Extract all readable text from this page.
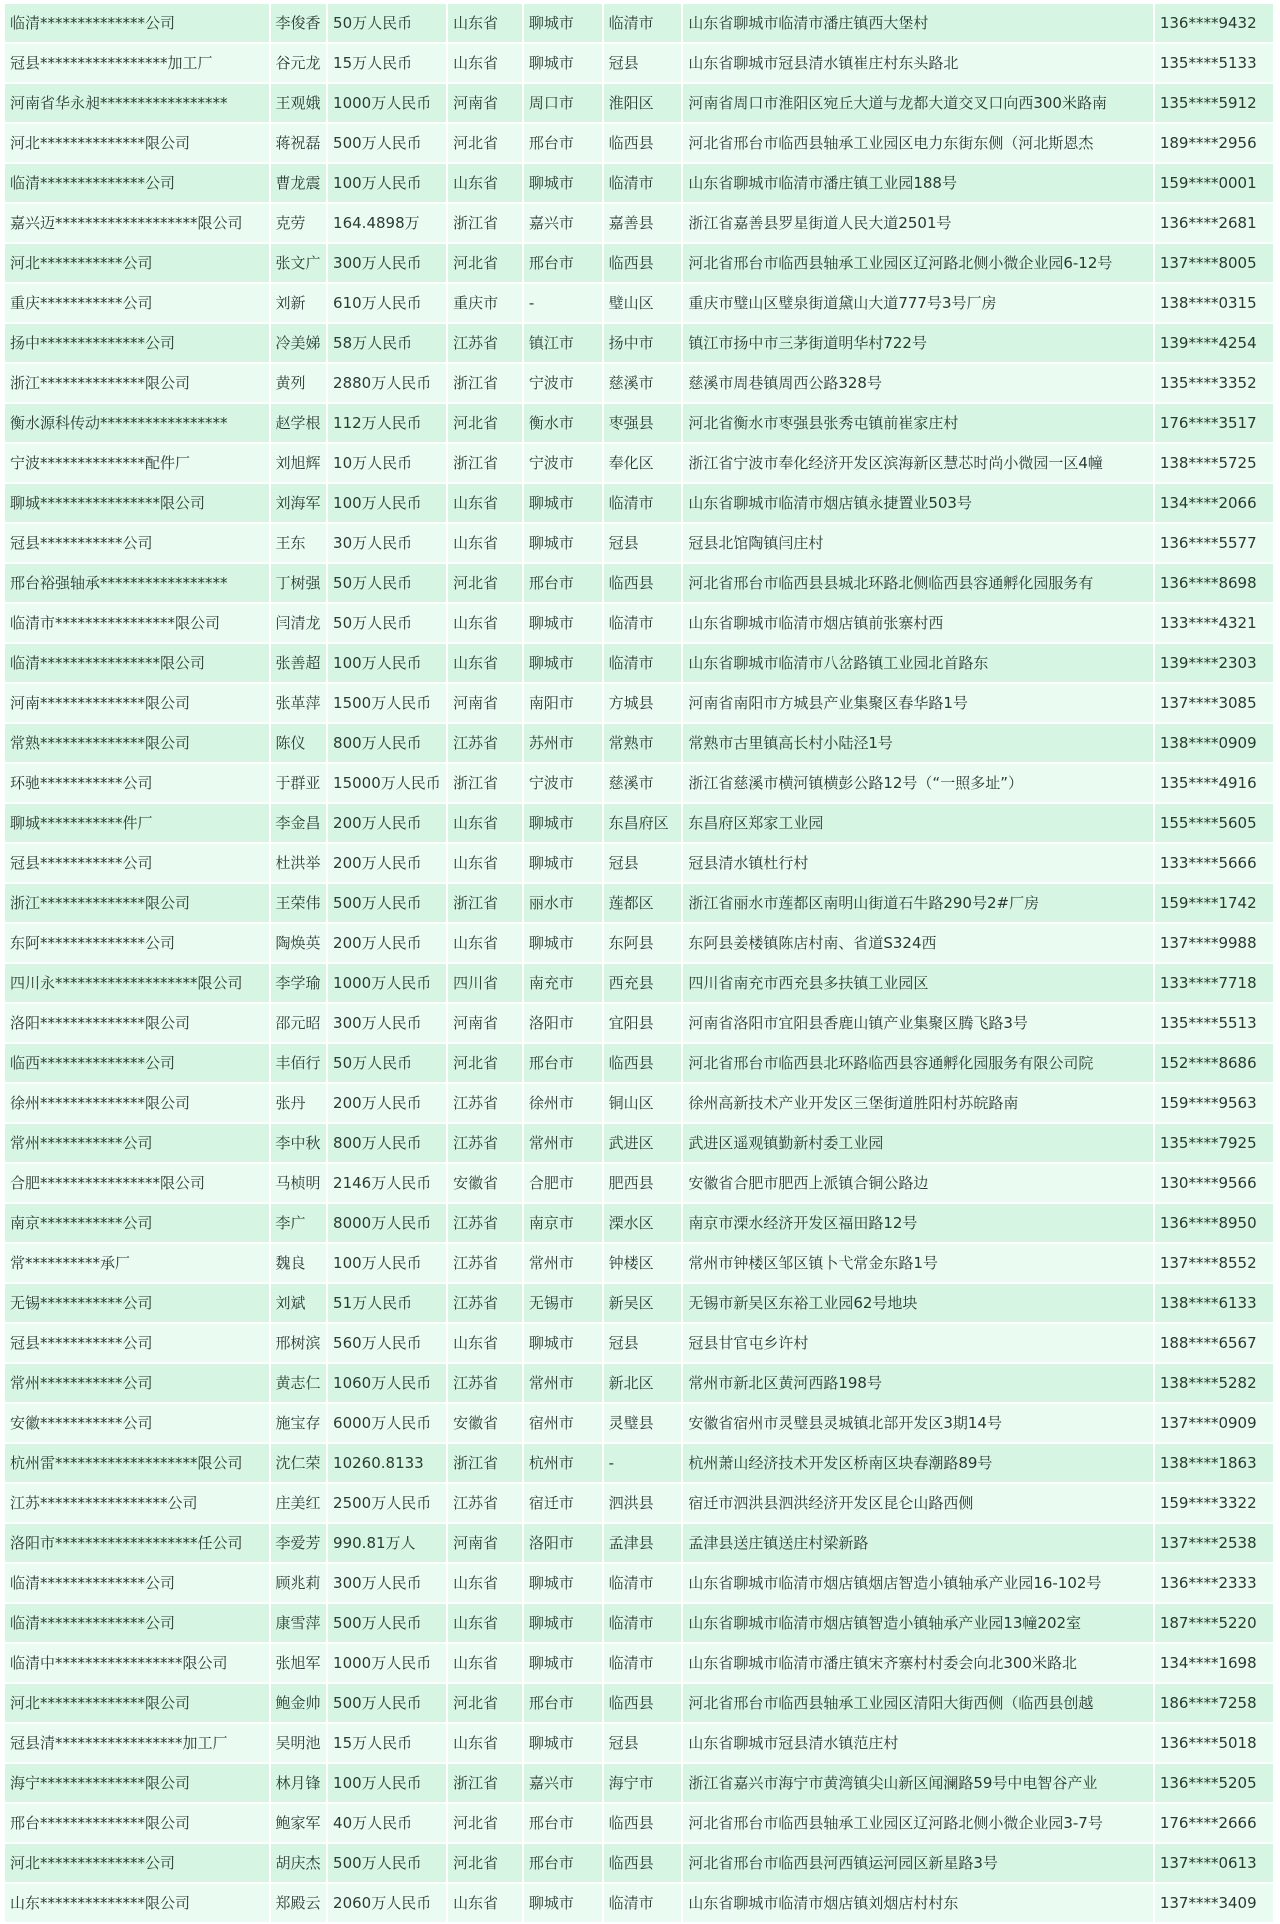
临清**************公司	李俊香	50万人民币	山东省	聊城市	临清市	山东省聊城市临清市潘庄镇西大堡村	136****9432
冠县*****************加工厂	谷元龙	15万人民币	山东省	聊城市	冠县	山东省聊城市冠县清水镇崔庄村东头路北	135****5133
河南省华永昶*****************	王观娥	1000万人民币	河南省	周口市	淮阳区	河南省周口市淮阳区宛丘大道与龙都大道交叉口向西300米路南	135****5912
河北**************限公司	蒋祝磊	500万人民币	河北省	邢台市	临西县	河北省邢台市临西县轴承工业园区电力东街东侧（河北斯恩杰	189****2956
临清**************公司	曹龙震	100万人民币	山东省	聊城市	临清市	山东省聊城市临清市潘庄镇工业园188号	159****0001
嘉兴迈*******************限公司	克劳	164.4898万	浙江省	嘉兴市	嘉善县	浙江省嘉善县罗星街道人民大道2501号	136****2681
河北***********公司	张文广	300万人民币	河北省	邢台市	临西县	河北省邢台市临西县轴承工业园区辽河路北侧小微企业园6-12号	137****8005
重庆***********公司	刘新	610万人民币	重庆市	-	璧山区	重庆市璧山区璧泉街道黛山大道777号3号厂房	138****0315
扬中**************公司	冷美娣	58万人民币	江苏省	镇江市	扬中市	镇江市扬中市三茅街道明华村722号	139****4254
浙江**************限公司	黄列	2880万人民币	浙江省	宁波市	慈溪市	慈溪市周巷镇周西公路328号	135****3352
衡水源科传动*****************	赵学根	112万人民币	河北省	衡水市	枣强县	河北省衡水市枣强县张秀屯镇前崔家庄村	176****3517
宁波**************配件厂	刘旭辉	10万人民币	浙江省	宁波市	奉化区	浙江省宁波市奉化经济开发区滨海新区慧芯时尚小微园一区4幢	138****5725
聊城****************限公司	刘海军	100万人民币	山东省	聊城市	临清市	山东省聊城市临清市烟店镇永捷置业503号	134****2066
冠县***********公司	王东	30万人民币	山东省	聊城市	冠县	冠县北馆陶镇闫庄村	136****5577
邢台裕强轴承*****************	丁树强	50万人民币	河北省	邢台市	临西县	河北省邢台市临西县县城北环路北侧临西县容通孵化园服务有	136****8698
临清市****************限公司	闫清龙	50万人民币	山东省	聊城市	临清市	山东省聊城市临清市烟店镇前张寨村西	133****4321
临清****************限公司	张善超	100万人民币	山东省	聊城市	临清市	山东省聊城市临清市八岔路镇工业园北首路东	139****2303
河南**************限公司	张革萍	1500万人民币	河南省	南阳市	方城县	河南省南阳市方城县产业集聚区春华路1号	137****3085
常熟**************限公司	陈仪	800万人民币	江苏省	苏州市	常熟市	常熟市古里镇高长村小陆泾1号	138****0909
环驰***********公司	于群亚	15000万人民币	浙江省	宁波市	慈溪市	浙江省慈溪市横河镇横彭公路12号（“一照多址”）	135****4916
聊城***********件厂	李金昌	200万人民币	山东省	聊城市	东昌府区	东昌府区郑家工业园	155****5605
冠县***********公司	杜洪举	200万人民币	山东省	聊城市	冠县	冠县清水镇杜行村	133****5666
浙江**************限公司	王荣伟	500万人民币	浙江省	丽水市	莲都区	浙江省丽水市莲都区南明山街道石牛路290号2#厂房	159****1742
东阿**************公司	陶焕英	200万人民币	山东省	聊城市	东阿县	东阿县姜楼镇陈店村南、省道S324西	137****9988
四川永*******************限公司	李学瑜	1000万人民币	四川省	南充市	西充县	四川省南充市西充县多扶镇工业园区	133****7718
洛阳**************限公司	邵元昭	300万人民币	河南省	洛阳市	宜阳县	河南省洛阳市宜阳县香鹿山镇产业集聚区腾飞路3号	135****5513
临西**************公司	丰佰行	50万人民币	河北省	邢台市	临西县	河北省邢台市临西县北环路临西县容通孵化园服务有限公司院	152****8686
徐州**************限公司	张丹	200万人民币	江苏省	徐州市	铜山区	徐州高新技术产业开发区三堡街道胜阳村苏皖路南	159****9563
常州***********公司	李中秋	800万人民币	江苏省	常州市	武进区	武进区遥观镇勤新村委工业园	135****7925
合肥****************限公司	马桢明	2146万人民币	安徽省	合肥市	肥西县	安徽省合肥市肥西上派镇合铜公路边	130****9566
南京***********公司	李广	8000万人民币	江苏省	南京市	溧水区	南京市溧水经济开发区福田路12号	136****8950
常**********承厂	魏良	100万人民币	江苏省	常州市	钟楼区	常州市钟楼区邹区镇卜弋常金东路1号	137****8552
无锡***********公司	刘斌	51万人民币	江苏省	无锡市	新吴区	无锡市新吴区东裕工业园62号地块	138****6133
冠县***********公司	邢树滨	560万人民币	山东省	聊城市	冠县	冠县甘官屯乡许村	188****6567
常州***********公司	黄志仁	1060万人民币	江苏省	常州市	新北区	常州市新北区黄河西路198号	138****5282
安徽***********公司	施宝存	6000万人民币	安徽省	宿州市	灵璧县	安徽省宿州市灵璧县灵城镇北部开发区3期14号	137****0909
杭州雷*******************限公司	沈仁荣	10260.8133	浙江省	杭州市	-	杭州萧山经济技术开发区桥南区块春潮路89号	138****1863
江苏*****************公司	庄美红	2500万人民币	江苏省	宿迁市	泗洪县	宿迁市泗洪县泗洪经济开发区昆仑山路西侧	159****3322
洛阳市*******************任公司	李爱芳	990.81万人	河南省	洛阳市	孟津县	孟津县送庄镇送庄村梁新路	137****2538
临清**************公司	顾兆莉	300万人民币	山东省	聊城市	临清市	山东省聊城市临清市烟店镇烟店智造小镇轴承产业园16-102号	136****2333
临清**************公司	康雪萍	500万人民币	山东省	聊城市	临清市	山东省聊城市临清市烟店镇智造小镇轴承产业园13幢202室	187****5220
临清中*****************限公司	张旭军	1000万人民币	山东省	聊城市	临清市	山东省聊城市临清市潘庄镇宋齐寨村村委会向北300米路北	134****1698
河北**************限公司	鲍金帅	500万人民币	河北省	邢台市	临西县	河北省邢台市临西县轴承工业园区清阳大街西侧（临西县创越	186****7258
冠县清*****************加工厂	吴明池	15万人民币	山东省	聊城市	冠县	山东省聊城市冠县清水镇范庄村	136****5018
海宁**************限公司	林月锋	100万人民币	浙江省	嘉兴市	海宁市	浙江省嘉兴市海宁市黄湾镇尖山新区闻澜路59号中电智谷产业	136****5205
邢台**************限公司	鲍家军	40万人民币	河北省	邢台市	临西县	河北省邢台市临西县轴承工业园区辽河路北侧小微企业园3-7号	176****2666
河北**************公司	胡庆杰	500万人民币	河北省	邢台市	临西县	河北省邢台市临西县河西镇运河园区新星路3号	137****0613
山东**************限公司	郑殿云	2060万人民币	山东省	聊城市	临清市	山东省聊城市临清市烟店镇刘烟店村村东	137****3409
